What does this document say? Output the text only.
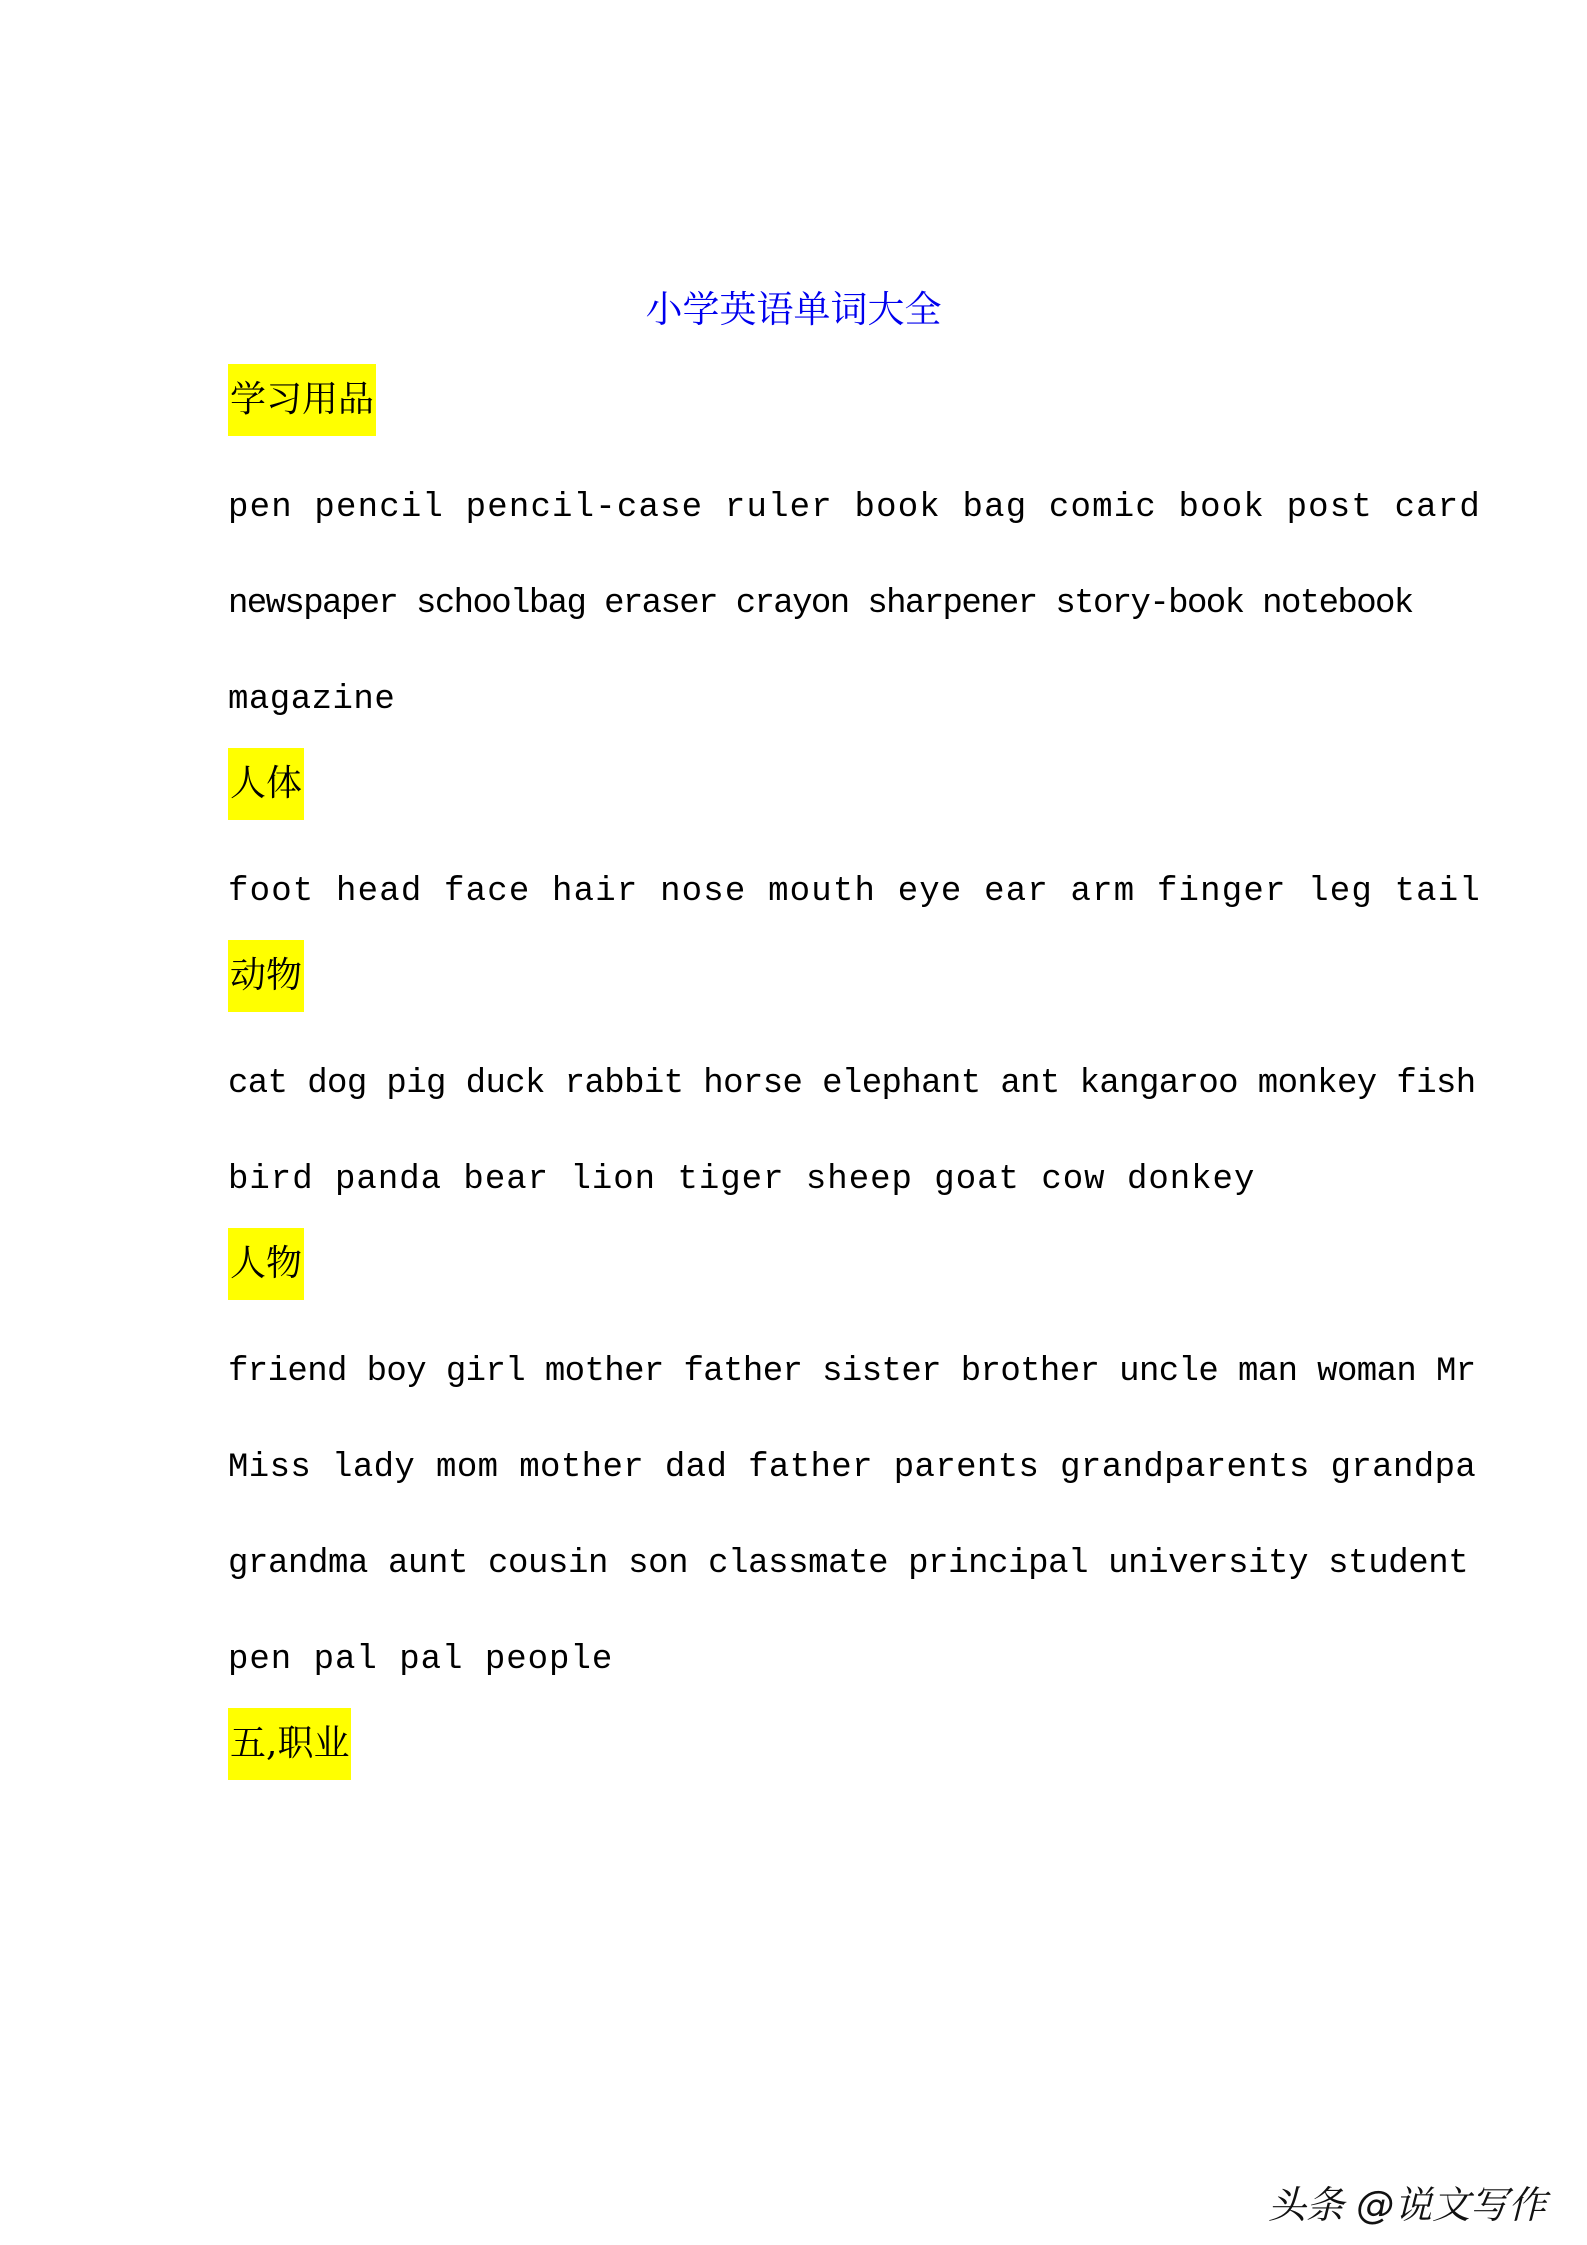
小学英语单词大全
学习用品

pen pencil pencil-case ruler book bag comic book post card

newspaper schoolbag eraser crayon sharpener story-book notebook

magazine

人体

foot head face hair nose mouth eye ear arm finger leg tail

动物

cat dog pig duck rabbit horse elephant ant kangaroo monkey fish

bird panda bear lion tiger sheep goat cow donkey

人物

friend boy girl mother father sister brother uncle man woman Mr

Miss lady mom mother dad father parents grandparents grandpa

grandma aunt cousin son classmate principal university student

pen pal pal people

五,职业
头条 @说文写作
